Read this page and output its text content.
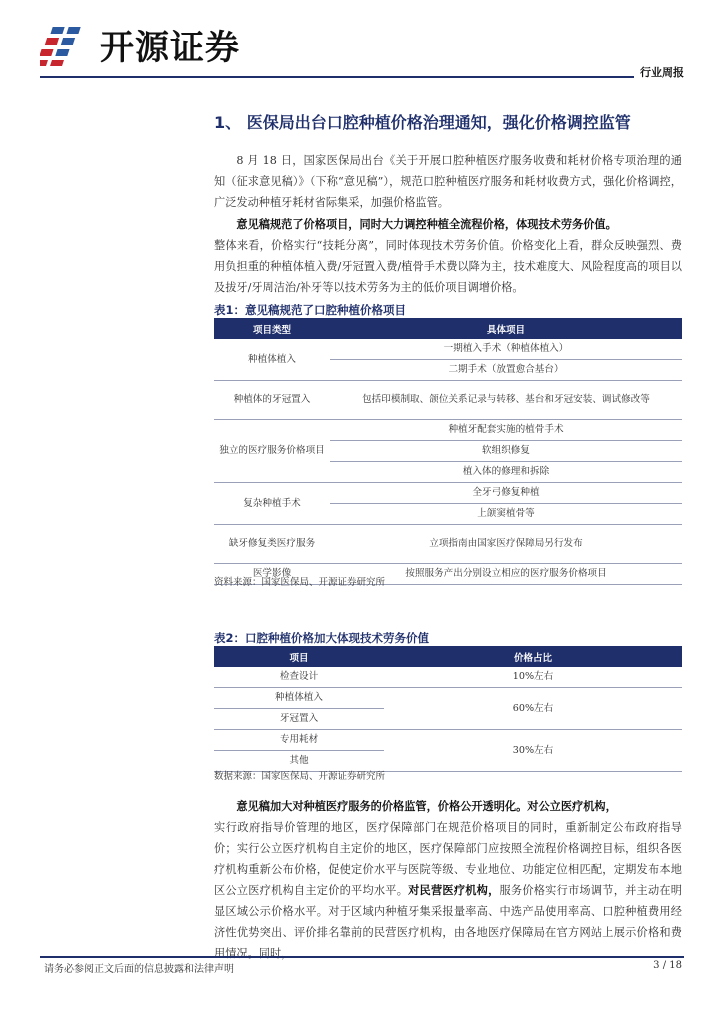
开源证券
行业周报
1、 医保局出台口腔种植价格治理通知，强化价格调控监管
8 月 18 日，国家医保局出台《关于开展口腔种植医疗服务收费和耗材价格专项治理的通知（征求意见稿）》（下称“意见稿”），规范口腔种植医疗服务和耗材收费方式，强化价格调控，广泛发动种植牙耗材省际集采，加强价格监管。
意见稿规范了价格项目，同时大力调控种植全流程价格，体现技术劳务价值。
整体来看，价格实行“技耗分离”，同时体现技术劳务价值。价格变化上看，群众反映强烈、费用负担重的种植体植入费/牙冠置入费/植骨手术费以降为主，技术难度大、风险程度高的项目以及拔牙/牙周洁治/补牙等以技术劳务为主的低价项目调增价格。
表1：意见稿规范了口腔种植价格项目
项目类型	具体项目
种植体植入	一期植入手术（种植体植入）
	二期手术（放置愈合基台）
种植体的牙冠置入	包括印模制取、颌位关系记录与转移、基台和牙冠安装、调试修改等
独立的医疗服务价格项目	种植牙配套实施的植骨手术
	软组织修复
	植入体的修理和拆除
复杂种植手术	全牙弓修复种植
	上颌窦植骨等
缺牙修复类医疗服务	立项指南由国家医疗保障局另行发布
医学影像	按照服务产出分别设立相应的医疗服务价格项目
资料来源：国家医保局、开源证券研究所
表2：口腔种植价格加大体现技术劳务价值
项目	价格占比
检查设计	10%左右
种植体植入	60%左右
牙冠置入	
专用耗材	30%左右
其他	
数据来源：国家医保局、开源证券研究所
意见稿加大对种植医疗服务的价格监管，价格公开透明化。对公立医疗机构，
实行政府指导价管理的地区，医疗保障部门在规范价格项目的同时，重新制定公布政府指导价；实行公立医疗机构自主定价的地区，医疗保障部门应按照全流程价格调控目标，组织各医疗机构重新公布价格，促使定价水平与医院等级、专业地位、功能定位相匹配，定期发布本地区公立医疗机构自主定价的平均水平。对民营医疗机构，服务价格实行市场调节，并主动在明显区域公示价格水平。对于区域内种植牙集采报量率高、中选产品使用率高、口腔种植费用经济性优势突出、评价排名靠前的民营医疗机构，由各地医疗保障局在官方网站上展示价格和费用情况。同时，
请务必参阅正文后面的信息披露和法律声明	3 / 18
